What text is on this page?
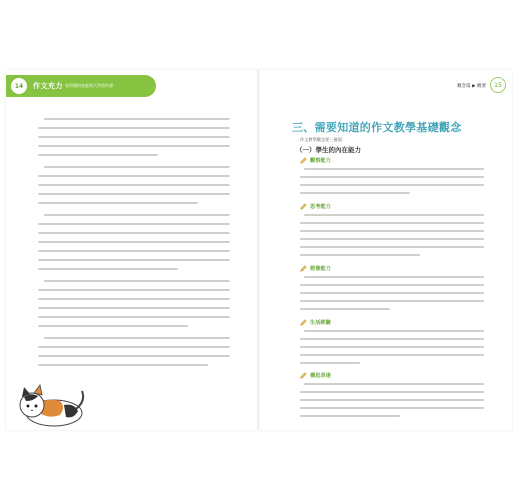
14	作文充力 看得懂的家庭與大學寫作課	概念篇 ▶ 概要	15
三、需要知道的作文教學基礎觀念
作文教學觀念要三層面：
（一）學生的內在能力
觀察能力
思考能力
想像能力
生活經驗
構思表達
